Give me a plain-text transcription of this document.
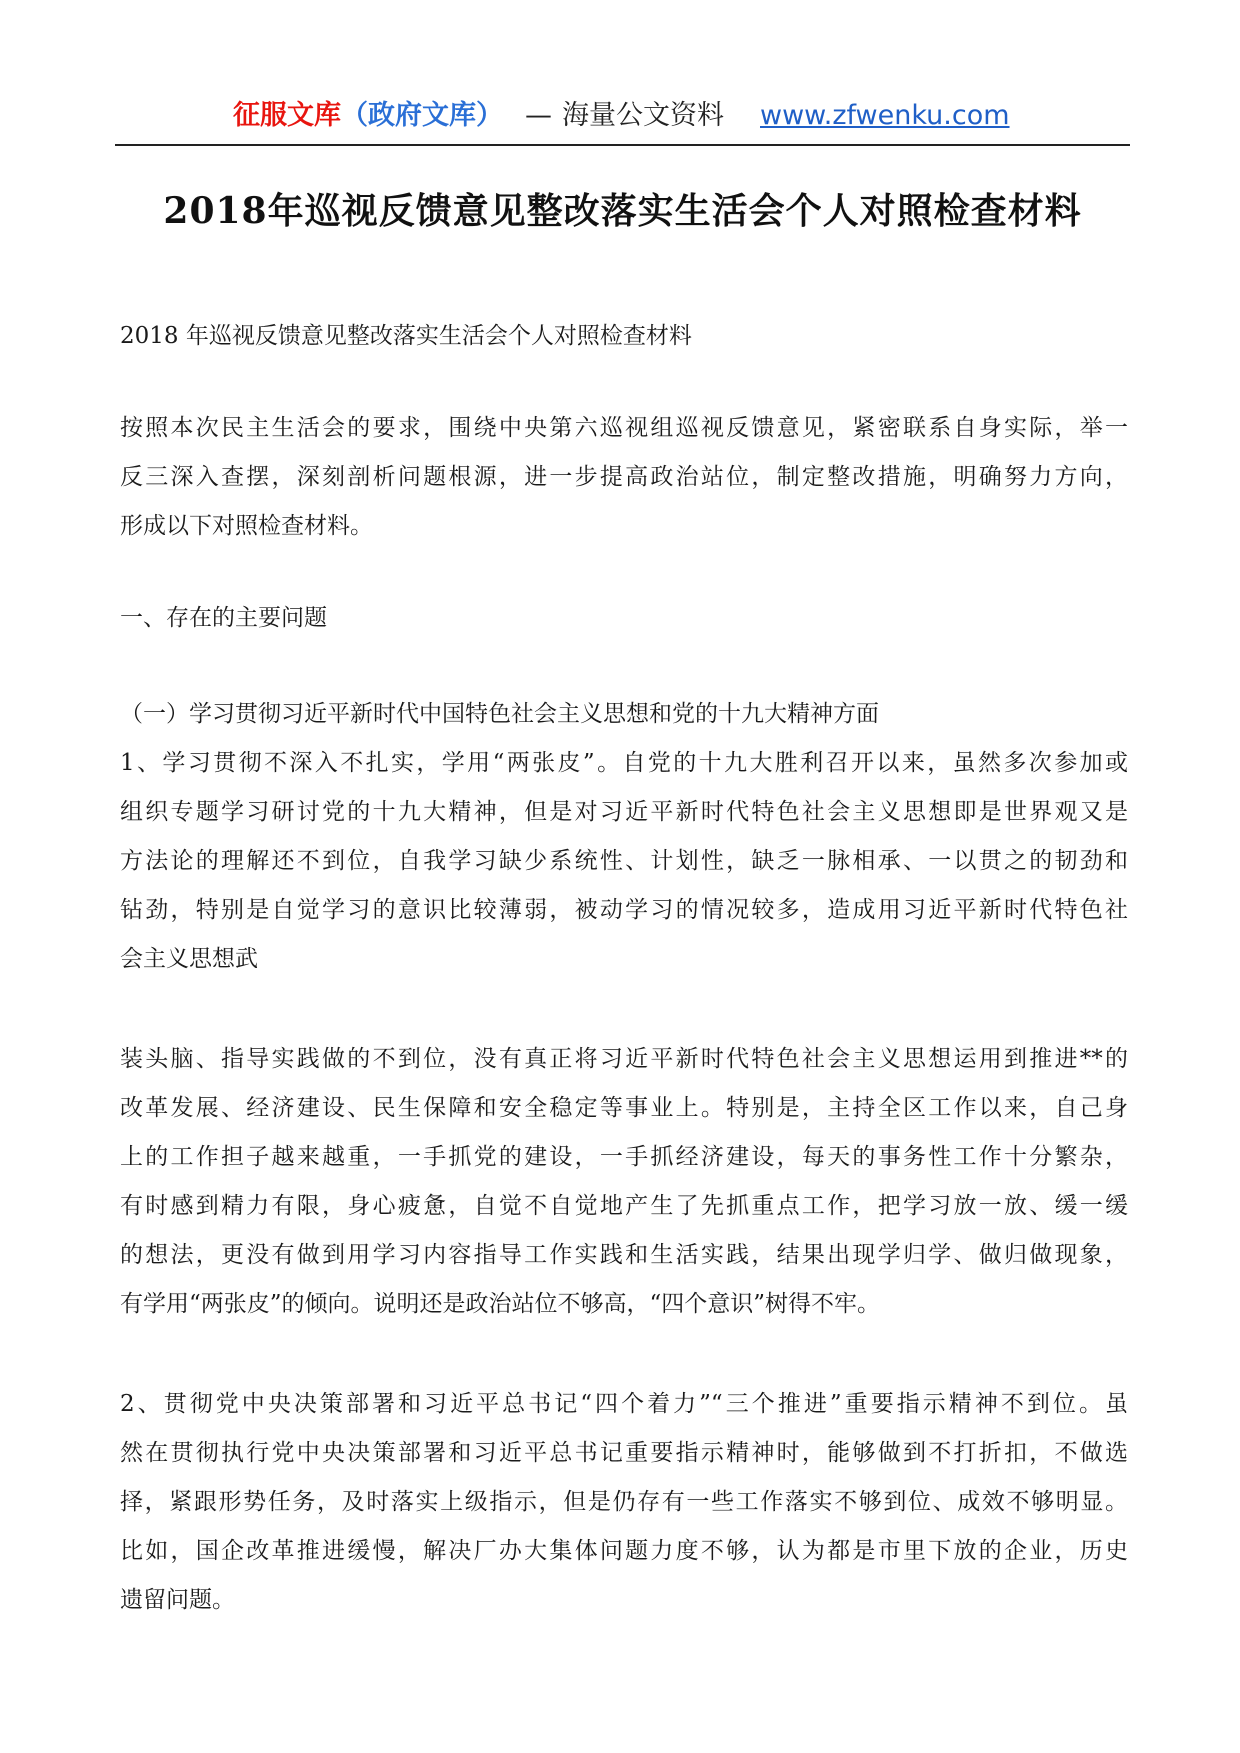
征服文库（政府文库） — 海量公文资料 www.zfwenku.com
2018年巡视反馈意见整改落实生活会个人对照检查材料
2018 年巡视反馈意见整改落实生活会个人对照检查材料
按照本次民主生活会的要求，围绕中央第六巡视组巡视反馈意见，紧密联系自身实际，举一
反三深入查摆，深刻剖析问题根源，进一步提高政治站位，制定整改措施，明确努力方向，
形成以下对照检查材料。
一、存在的主要问题
（一）学习贯彻习近平新时代中国特色社会主义思想和党的十九大精神方面
1、学习贯彻不深入不扎实，学用“两张皮”。自党的十九大胜利召开以来，虽然多次参加或
组织专题学习研讨党的十九大精神，但是对习近平新时代特色社会主义思想即是世界观又是
方法论的理解还不到位，自我学习缺少系统性、计划性，缺乏一脉相承、一以贯之的韧劲和
钻劲，特别是自觉学习的意识比较薄弱，被动学习的情况较多，造成用习近平新时代特色社
会主义思想武
装头脑、指导实践做的不到位，没有真正将习近平新时代特色社会主义思想运用到推进**的
改革发展、经济建设、民生保障和安全稳定等事业上。特别是，主持全区工作以来，自己身
上的工作担子越来越重，一手抓党的建设，一手抓经济建设，每天的事务性工作十分繁杂，
有时感到精力有限，身心疲惫，自觉不自觉地产生了先抓重点工作，把学习放一放、缓一缓
的想法，更没有做到用学习内容指导工作实践和生活实践，结果出现学归学、做归做现象，
有学用“两张皮”的倾向。说明还是政治站位不够高，“四个意识”树得不牢。
2、贯彻党中央决策部署和习近平总书记“四个着力”“三个推进”重要指示精神不到位。虽
然在贯彻执行党中央决策部署和习近平总书记重要指示精神时，能够做到不打折扣，不做选
择，紧跟形势任务，及时落实上级指示，但是仍存有一些工作落实不够到位、成效不够明显。
比如，国企改革推进缓慢，解决厂办大集体问题力度不够，认为都是市里下放的企业，历史
遗留问题。
